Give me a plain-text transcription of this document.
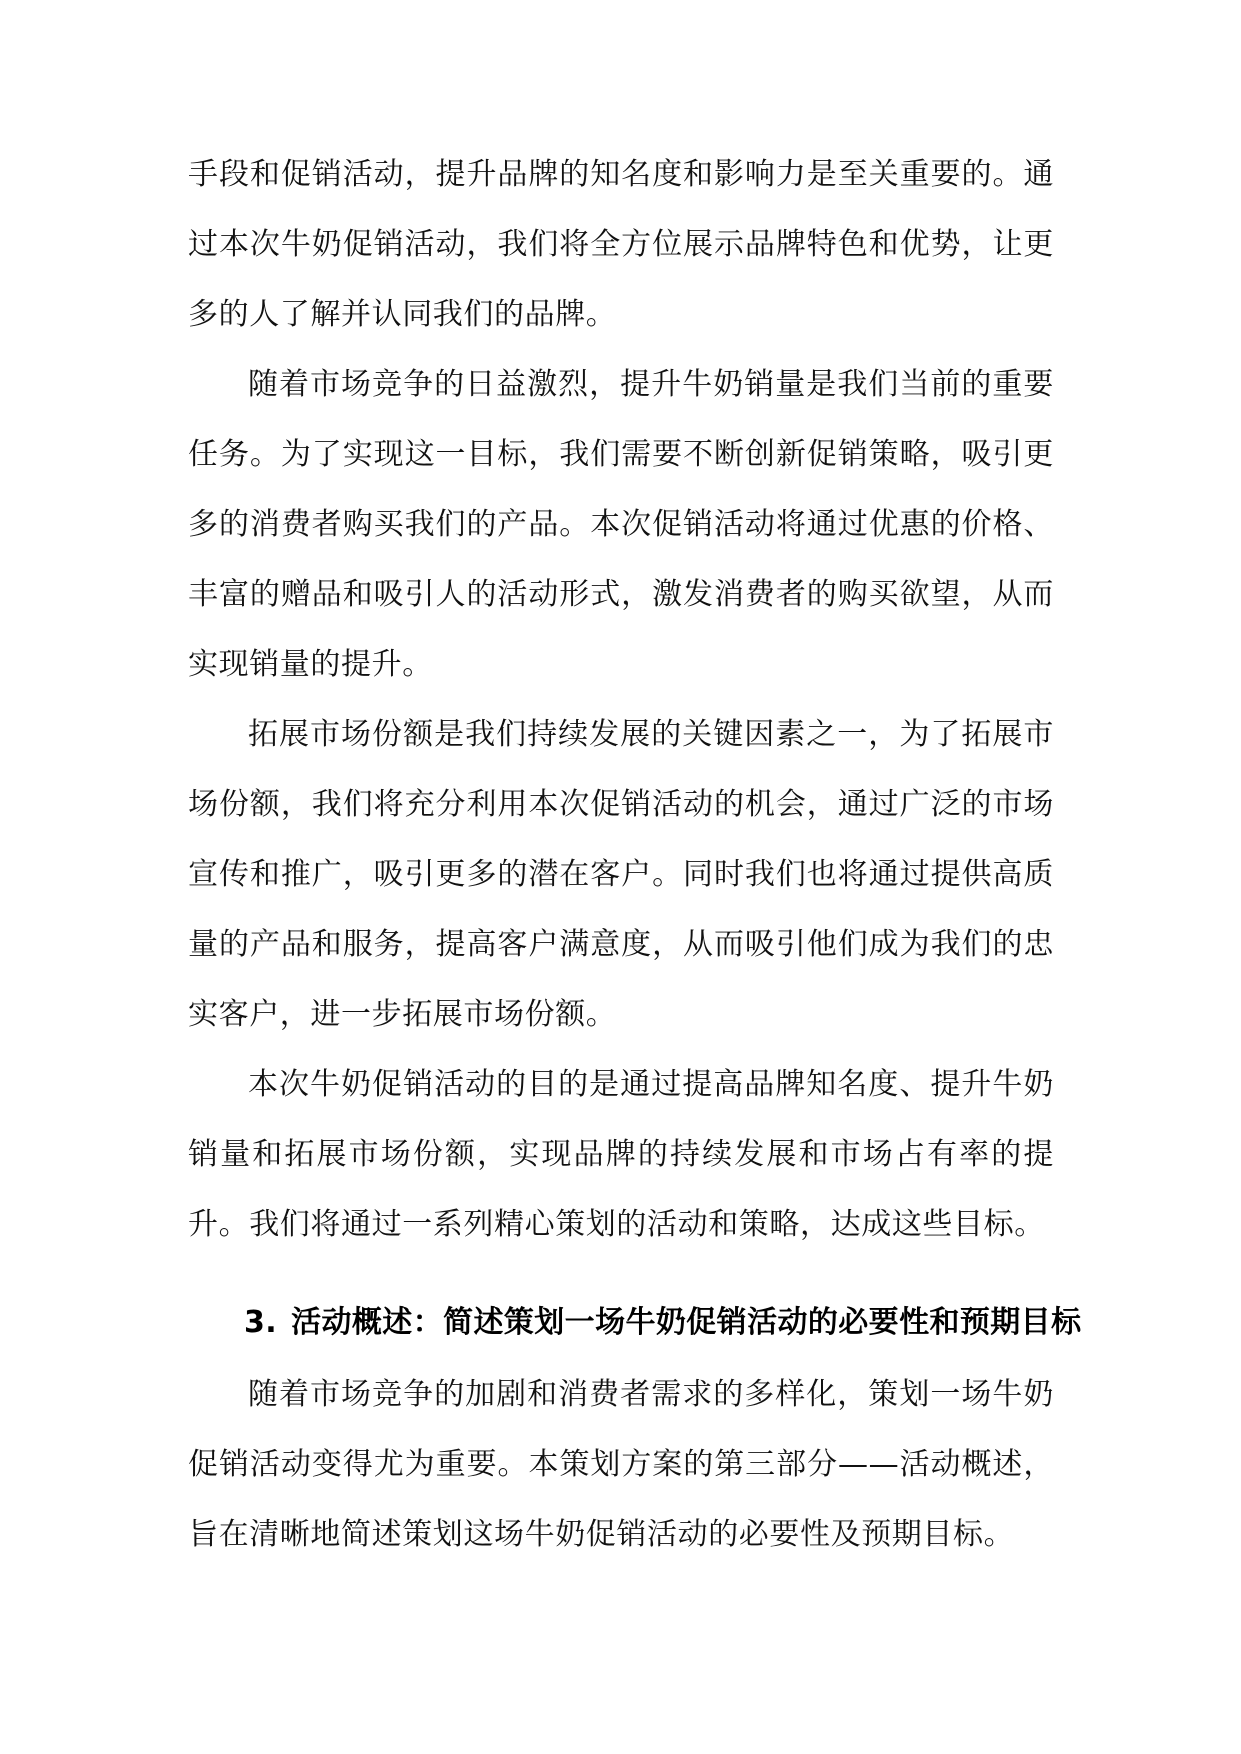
手段和促销活动，提升品牌的知名度和影响力是至关重要的。通过本次牛奶促销活动，我们将全方位展示品牌特色和优势，让更多的人了解并认同我们的品牌。

随着市场竞争的日益激烈，提升牛奶销量是我们当前的重要任务。为了实现这一目标，我们需要不断创新促销策略，吸引更多的消费者购买我们的产品。本次促销活动将通过优惠的价格、丰富的赠品和吸引人的活动形式，激发消费者的购买欲望，从而实现销量的提升。

拓展市场份额是我们持续发展的关键因素之一，为了拓展市场份额，我们将充分利用本次促销活动的机会，通过广泛的市场宣传和推广，吸引更多的潜在客户。同时我们也将通过提供高质量的产品和服务，提高客户满意度，从而吸引他们成为我们的忠实客户，进一步拓展市场份额。

本次牛奶促销活动的目的是通过提高品牌知名度、提升牛奶销量和拓展市场份额，实现品牌的持续发展和市场占有率的提升。我们将通过一系列精心策划的活动和策略，达成这些目标。

3. 活动概述：简述策划一场牛奶促销活动的必要性和预期目标

随着市场竞争的加剧和消费者需求的多样化，策划一场牛奶促销活动变得尤为重要。本策划方案的第三部分——活动概述，旨在清晰地简述策划这场牛奶促销活动的必要性及预期目标。
